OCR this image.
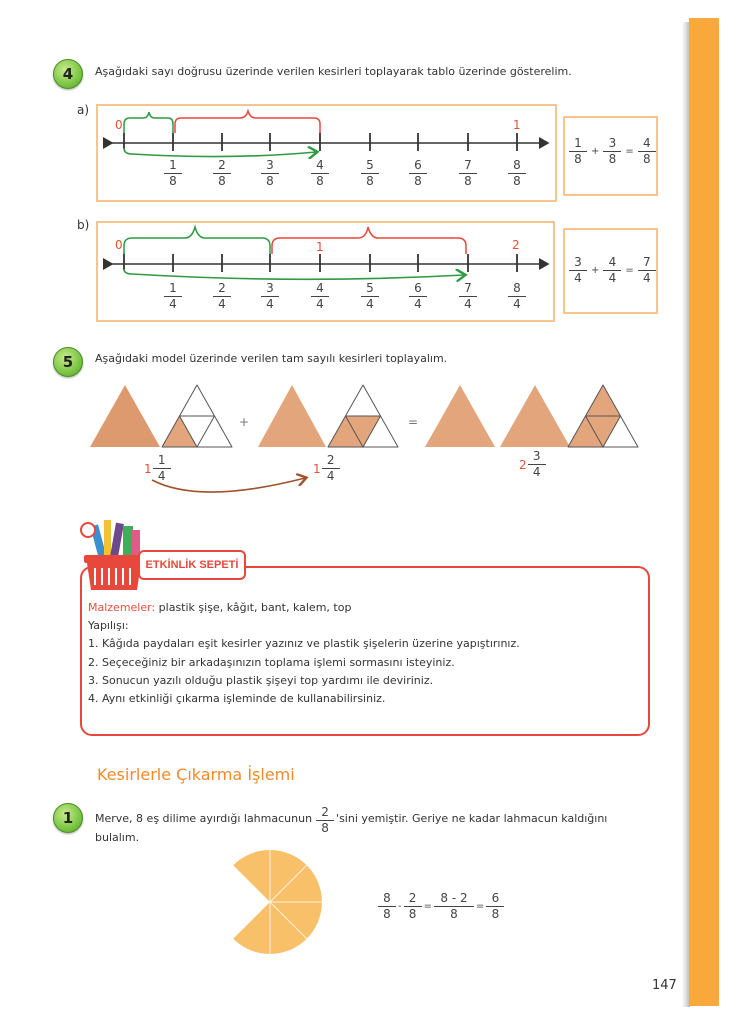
4	Aşağıdaki sayı doğrusu üzerinde verilen kesirleri toplayarak tablo üzerinde gösterelim.
a)
b)
0	1
0	1	2
1
8
2
8
3
8
4
8
5
8
6
8
7
8
8
8
1
4
2
4
3
4
4
4
5
4
6
4
7
4
8
4
$\frac{1}{8} + \frac{3}{8} = \frac{4}{8}$
$\frac{3}{4} + \frac{4}{4} = \frac{7}{4}$
5	Aşağıdaki model üzerinde verilen tam sayılı kesirleri toplayalım.
+	=
$1 \frac{1}{4}$	$1 \frac{2}{4}$	$2 \frac{3}{4}$
ETKİNLİK SEPETİ
Malzemeler: plastik şişe, kâğıt, bant, kalem, top
Yapılışı:
1. Kâğıda paydaları eşit kesirler yazınız ve plastik şişelerin üzerine yapıştırınız.
2. Seçeceğiniz bir arkadaşınızın toplama işlemi sormasını isteyiniz.
3. Sonucun yazılı olduğu plastik şişeyi top yardımı ile deviriniz.
4. Aynı etkinliği çıkarma işleminde de kullanabilirsiniz.
Kesirlerle Çıkarma İşlemi
1	Merve, 8 eş dilime ayırdığı lahmacunun $\frac{2}{8}$ 'sini yemiştir. Geriye ne kadar lahmacun kaldığını
bulalım.
$\frac{8}{8} - \frac{2}{8} = \frac{8 - 2}{8} = \frac{6}{8}$
147
